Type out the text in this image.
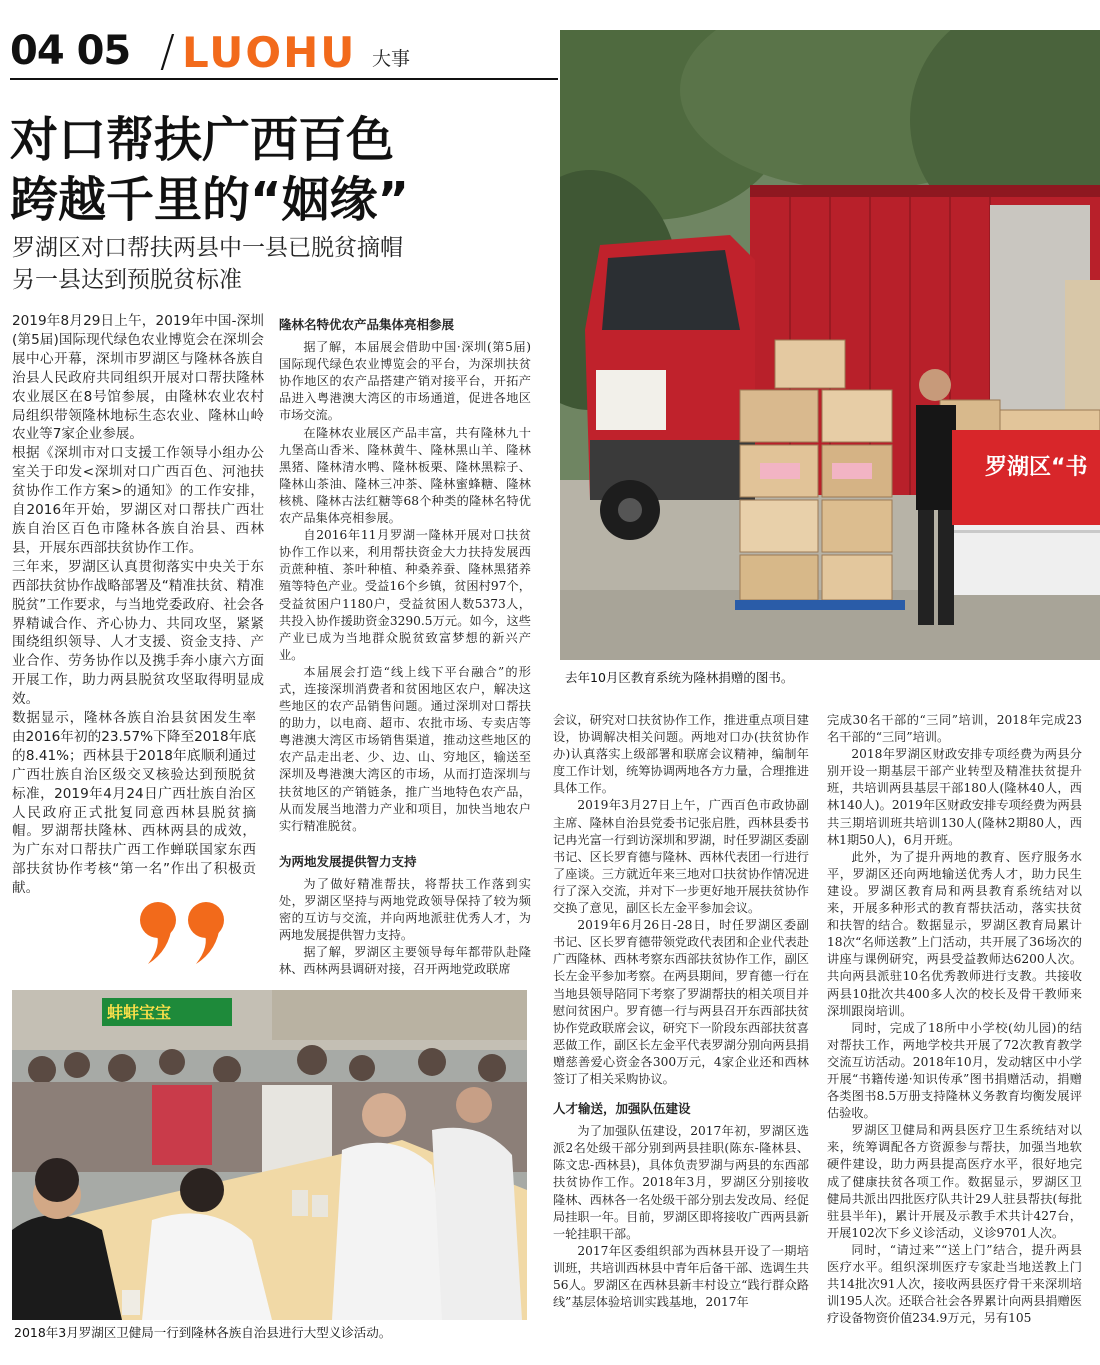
04 05 / LUOHU 大事
对口帮扶广西百色
跨越千里的“姻缘”
罗湖区对口帮扶两县中一县已脱贫摘帽
另一县达到预脱贫标准

2019年8月29日上午，2019年中国-深圳(第5届)国际现代绿色农业博览会在深圳会展中心开幕，深圳市罗湖区与隆林各族自治县人民政府共同组织开展对口帮扶隆林农业展区在8号馆参展，由隆林农业农村局组织带领隆林地标生态农业、隆林山岭农业等7家企业参展。

根据《深圳市对口支援工作领导小组办公室关于印发<深圳对口广西百色、河池扶贫协作工作方案>的通知》的工作安排，自2016年开始，罗湖区对口帮扶广西壮族自治区百色市隆林各族自治县、西林县，开展东西部扶贫协作工作。

三年来，罗湖区认真贯彻落实中央关于东西部扶贫协作战略部署及“精准扶贫、精准脱贫”工作要求，与当地党委政府、社会各界精诚合作、齐心协力、共同攻坚，紧紧围绕组织领导、人才支援、资金支持、产业合作、劳务协作以及携手奔小康六方面开展工作，助力两县脱贫攻坚取得明显成效。

数据显示，隆林各族自治县贫困发生率由2016年初的23.57%下降至2018年底的8.41%；西林县于2018年底顺利通过广西壮族自治区级交叉核验达到预脱贫标准，2019年4月24日广西壮族自治区人民政府正式批复同意西林县脱贫摘帽。罗湖帮扶隆林、西林两县的成效，为广东对口帮扶广西工作蝉联国家东西部扶贫协作考核“第一名”作出了积极贡献。

罗湖区“书
去年10月区教育系统为隆林捐赠的图书。

隆林名特优农产品集体亮相参展

据了解，本届展会借助中国·深圳(第5届)国际现代绿色农业博览会的平台，为深圳扶贫协作地区的农产品搭建产销对接平台，开拓产品进入粤港澳大湾区的市场通道，促进各地区市场交流。

在隆林农业展区产品丰富，共有隆林九十九堡高山香米、隆林黄牛、隆林黑山羊、隆林黑猪、隆林清水鸭、隆林板栗、隆林黑粽子、隆林山茶油、隆林三冲茶、隆林蜜蜂糖、隆林核桃、隆林古法红糖等68个种类的隆林名特优农产品集体亮相参展。

自2016年11月罗湖一隆林开展对口扶贫协作工作以来，利用帮扶资金大力扶持发展西贡蔗种植、茶叶种植、种桑养蚕、隆林黑猪养殖等特色产业。受益16个乡镇，贫困村97个，受益贫困户1180户，受益贫困人数5373人，共投入协作援助资金3290.5万元。如今，这些产业已成为当地群众脱贫致富梦想的新兴产业。

本届展会打造“线上线下平台融合”的形式，连接深圳消费者和贫困地区农户，解决这些地区的农产品销售问题。通过深圳对口帮扶的助力，以电商、超市、农批市场、专卖店等粤港澳大湾区市场销售渠道，推动这些地区的农产品走出老、少、边、山、穷地区，输送至深圳及粤港澳大湾区的市场，从而打造深圳与扶贫地区的产销链条，推广当地特色农产品，从而发展当地潜力产业和项目，加快当地农户实行精准脱贫。

为两地发展提供智力支持

为了做好精准帮扶，将帮扶工作落到实处，罗湖区坚持与两地党政领导保持了较为频密的互访与交流，并向两地派驻优秀人才，为两地发展提供智力支持。

据了解，罗湖区主要领导每年都带队赴隆林、西林两县调研对接，召开两地党政联席

会议，研究对口扶贫协作工作，推进重点项目建设，协调解决相关问题。两地对口办(扶贫协作办)认真落实上级部署和联席会议精神，编制年度工作计划，统筹协调两地各方力量，合理推进具体工作。

2019年3月27日上午，广西百色市政协副主席、隆林自治县党委书记张启胜，西林县委书记冉光富一行到访深圳和罗湖，时任罗湖区委副书记、区长罗育德与隆林、西林代表团一行进行了座谈。三方就近年来三地对口扶贫协作情况进行了深入交流，并对下一步更好地开展扶贫协作交换了意见，副区长左金平参加会议。

2019年6月26日-28日，时任罗湖区委副书记、区长罗育德带领党政代表团和企业代表赴广西隆林、西林考察东西部扶贫协作工作，副区长左金平参加考察。在两县期间，罗育德一行在当地县领导陪同下考察了罗湖帮扶的相关项目并慰问贫困户。罗育德一行与两县召开东西部扶贫协作党政联席会议，研究下一阶段东西部扶贫喜恶做工作，副区长左金平代表罗湖分别向两县捐赠慈善爱心资金各300万元，4家企业还和西林签订了相关采购协议。

人才输送，加强队伍建设

为了加强队伍建设，2017年初，罗湖区选派2名处级干部分别到两县挂职(陈东-隆林县、陈文忠-西林县)，具体负责罗湖与两县的东西部扶贫协作工作。2018年3月，罗湖区分别接收隆林、西林各一名处级干部分别去发改局、经促局挂职一年。目前，罗湖区即将接收广西两县新一轮挂职干部。

2017年区委组织部为西林县开设了一期培训班，共培训西林县中青年后备干部、选调生共56人。罗湖区在西林县新丰村设立“践行群众路线”基层体验培训实践基地，2017年

完成30名干部的“三同”培训，2018年完成23名干部的“三同”培训。

2018年罗湖区财政安排专项经费为两县分别开设一期基层干部产业转型及精准扶贫提升班，共培训两县基层干部180人(隆林40人，西林140人)。2019年区财政安排专项经费为两县共三期培训班共培训130人(隆林2期80人，西林1期50人)，6月开班。

此外，为了提升两地的教育、医疗服务水平，罗湖区还向两地输送优秀人才，助力民生建设。罗湖区教育局和两县教育系统结对以来，开展多种形式的教育帮扶活动，落实扶贫和扶智的结合。数据显示，罗湖区教育局累计18次“名师送教”上门活动，共开展了36场次的讲座与课例研究，两县受益教师达6200人次。共向两县派驻10名优秀教师进行支教。共接收两县10批次共400多人次的校长及骨干教师来深圳跟岗培训。

同时，完成了18所中小学校(幼儿园)的结对帮扶工作，两地学校共开展了72次教育教学交流互访活动。2018年10月，发动辖区中小学开展“书籍传递·知识传承”图书捐赠活动，捐赠各类图书8.5万册支持隆林义务教育均衡发展评估验收。

罗湖区卫健局和两县医疗卫生系统结对以来，统筹调配各方资源参与帮扶，加强当地软硬件建设，助力两县提高医疗水平，很好地完成了健康扶贫各项工作。数据显示，罗湖区卫健局共派出四批医疗队共计29人驻县帮扶(每批驻县半年)，累计开展及示教手术共计427台，开展102次下乡义诊活动，义诊9701人次。

同时，“请过来”“送上门”结合，提升两县医疗水平。组织深圳医疗专家赴当地送教上门共14批次91人次，接收两县医疗骨干来深圳培训195人次。还联合社会各界累计向两县捐赠医疗设备物资价值234.9万元，另有105

蚌蚌宝宝
2018年3月罗湖区卫健局一行到隆林各族自治县进行大型义诊活动。
